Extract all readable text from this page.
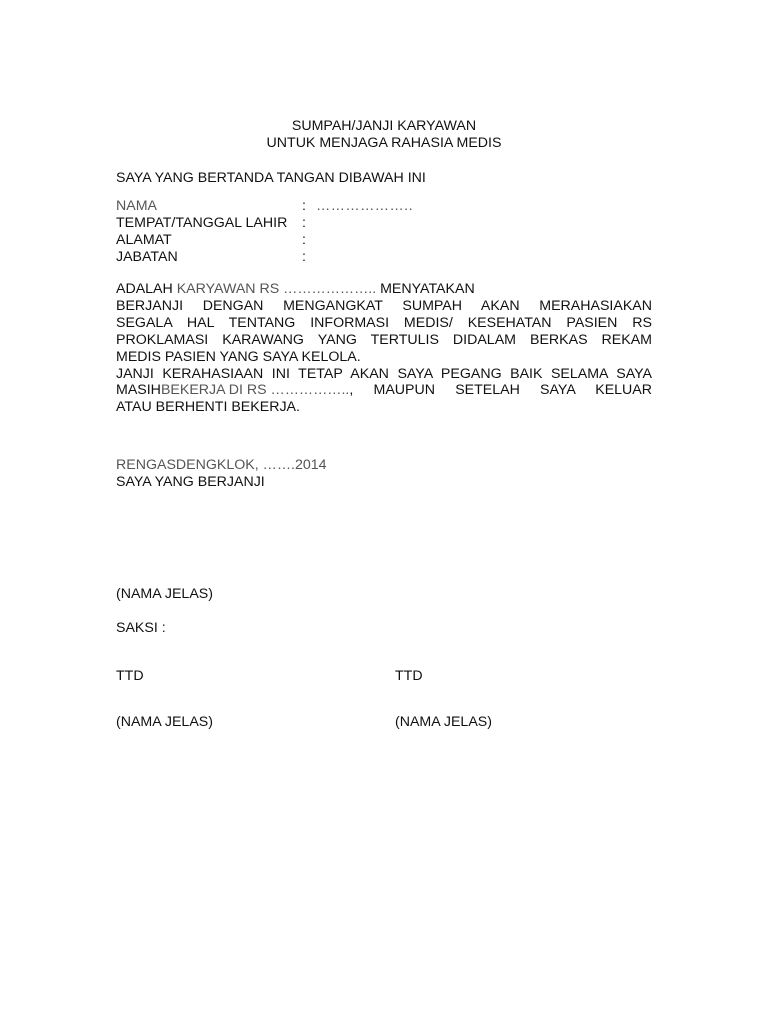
SUMPAH/JANJI KARYAWAN
UNTUK MENJAGA RAHASIA MEDIS
SAYA YANG BERTANDA TANGAN DIBAWAH INI
NAMA	: ………………..
TEMPAT/TANGGAL LAHIR	:
ALAMAT	:
JABATAN	:
ADALAH KARYAWAN RS ……………….. MENYATAKAN
BERJANJI DENGAN MENGANGKAT SUMPAH AKAN MERAHASIAKAN
SEGALA HAL TENTANG INFORMASI MEDIS/ KESEHATAN PASIEN RS
PROKLAMASI KARAWANG YANG TERTULIS DIDALAM BERKAS REKAM
MEDIS PASIEN YANG SAYA KELOLA.
JANJI KERAHASIAAN INI TETAP AKAN SAYA PEGANG BAIK SELAMA SAYA
MASIH BEKERJA DI RS …………….. , MAUPUN SETELAH SAYA KELUAR
ATAU BERHENTI BEKERJA.
RENGASDENGKLOK, …….2014
SAYA YANG BERJANJI
(NAMA JELAS)
SAKSI :
TTD	TTD
(NAMA JELAS)	(NAMA JELAS)
